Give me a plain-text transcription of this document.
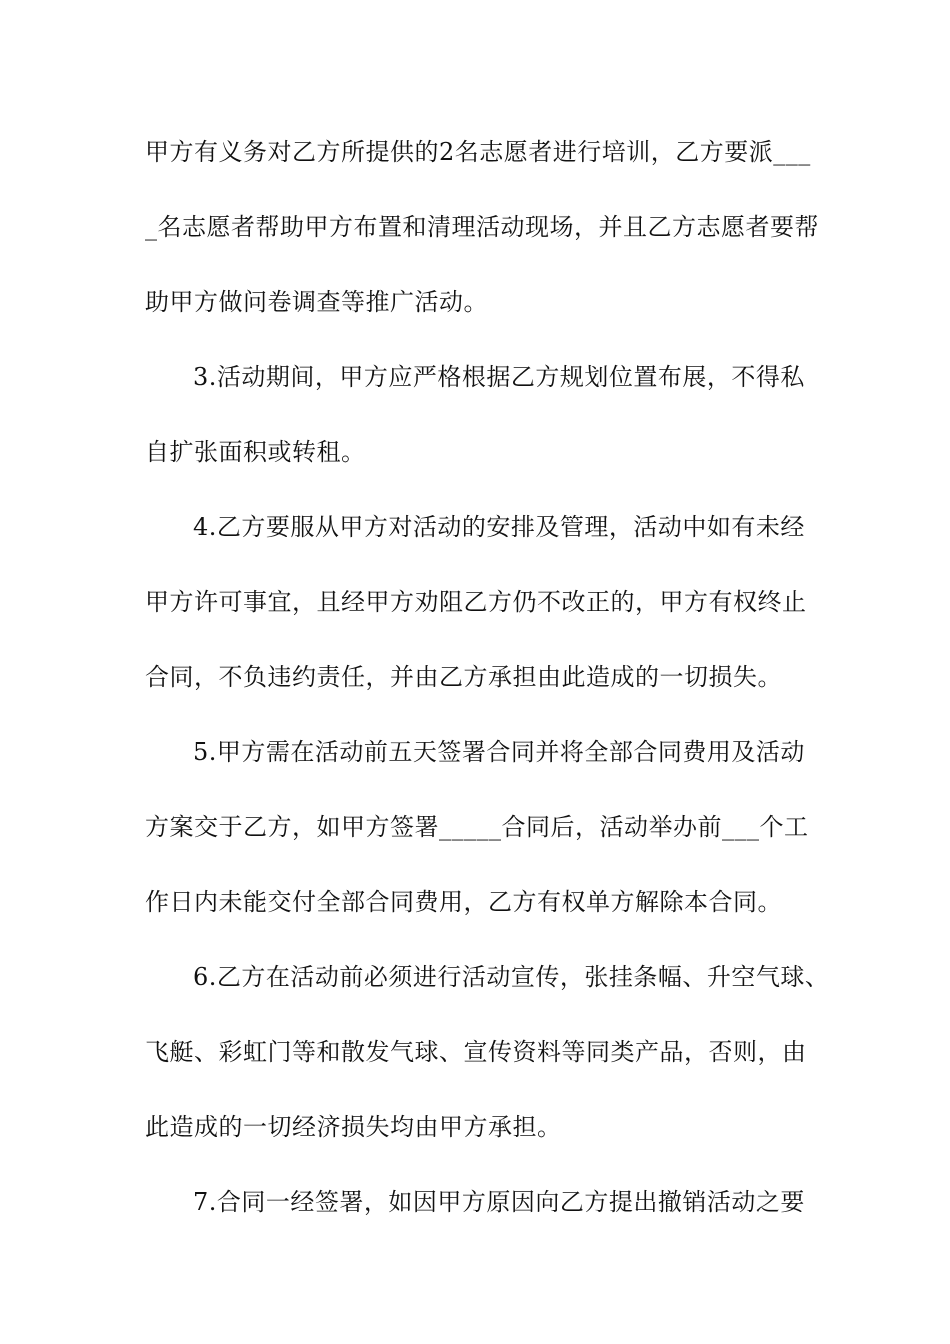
甲方有义务对乙方所提供的2名志愿者进行培训，乙方要派___
_名志愿者帮助甲方布置和清理活动现场，并且乙方志愿者要帮
助甲方做问卷调查等推广活动。
3.活动期间，甲方应严格根据乙方规划位置布展，不得私
自扩张面积或转租。
4.乙方要服从甲方对活动的安排及管理，活动中如有未经
甲方许可事宜，且经甲方劝阻乙方仍不改正的，甲方有权终止
合同，不负违约责任，并由乙方承担由此造成的一切损失。
5.甲方需在活动前五天签署合同并将全部合同费用及活动
方案交于乙方，如甲方签署_____合同后，活动举办前___个工
作日内未能交付全部合同费用，乙方有权单方解除本合同。
6.乙方在活动前必须进行活动宣传，张挂条幅、升空气球、
飞艇、彩虹门等和散发气球、宣传资料等同类产品，否则，由
此造成的一切经济损失均由甲方承担。
7.合同一经签署，如因甲方原因向乙方提出撤销活动之要
